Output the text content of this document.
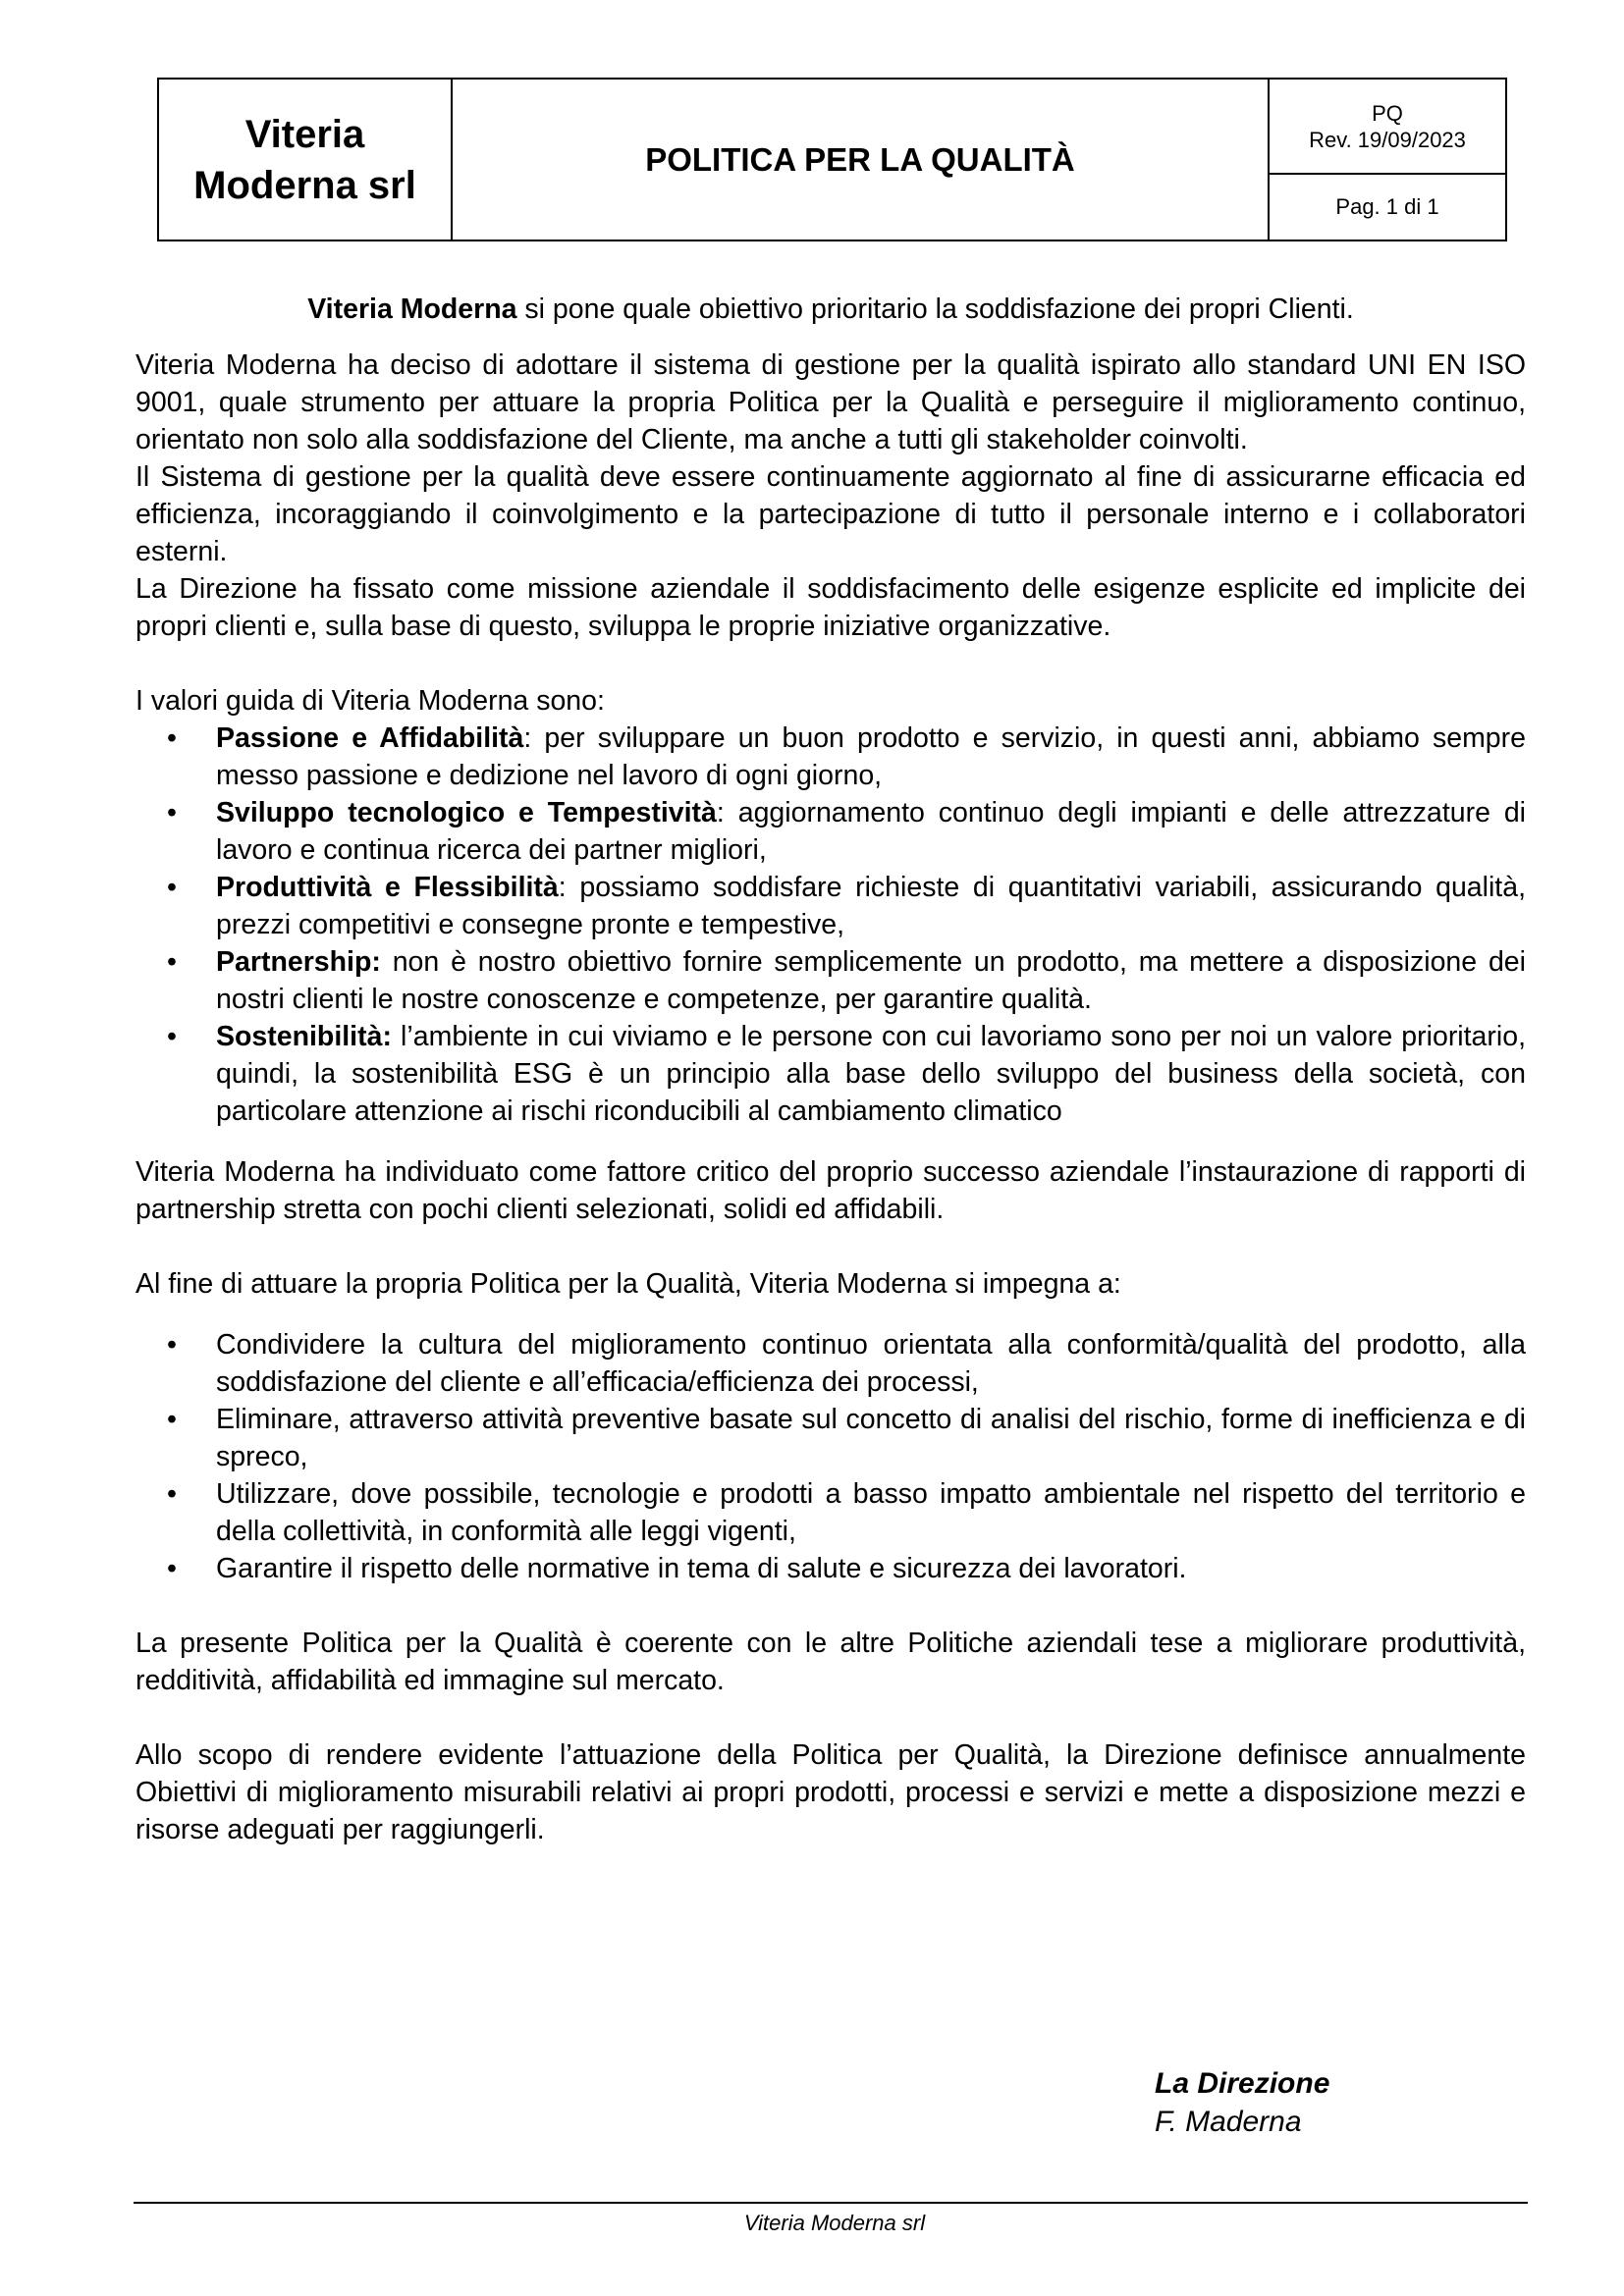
Viteria
Moderna srl
POLITICA PER LA QUALITÀ
PQ
Rev. 19/09/2023
Pag. 1 di 1

Viteria Moderna si pone quale obiettivo prioritario la soddisfazione dei propri Clienti.

Viteria Moderna ha deciso di adottare il sistema di gestione per la qualità ispirato allo standard UNI EN ISO 9001, quale strumento per attuare la propria Politica per la Qualità e perseguire il miglioramento continuo, orientato non solo alla soddisfazione del Cliente, ma anche a tutti gli stakeholder coinvolti.

Il Sistema di gestione per la qualità deve essere continuamente aggiornato al fine di assicurarne efficacia ed efficienza, incoraggiando il coinvolgimento e la partecipazione di tutto il personale interno e i collaboratori esterni.

La Direzione ha fissato come missione aziendale il soddisfacimento delle esigenze esplicite ed implicite dei propri clienti e, sulla base di questo, sviluppa le proprie iniziative organizzative.

I valori guida di Viteria Moderna sono:

• Passione e Affidabilità: per sviluppare un buon prodotto e servizio, in questi anni, abbiamo sempre messo passione e dedizione nel lavoro di ogni giorno,
• Sviluppo tecnologico e Tempestività: aggiornamento continuo degli impianti e delle attrezzature di lavoro e continua ricerca dei partner migliori,
• Produttività e Flessibilità: possiamo soddisfare richieste di quantitativi variabili, assicurando qualità, prezzi competitivi e consegne pronte e tempestive,
• Partnership: non è nostro obiettivo fornire semplicemente un prodotto, ma mettere a disposizione dei nostri clienti le nostre conoscenze e competenze, per garantire qualità.
• Sostenibilità: l’ambiente in cui viviamo e le persone con cui lavoriamo sono per noi un valore prioritario, quindi, la sostenibilità ESG è un principio alla base dello sviluppo del business della società, con particolare attenzione ai rischi riconducibili al cambiamento climatico

Viteria Moderna ha individuato come fattore critico del proprio successo aziendale l’instaurazione di rapporti di partnership stretta con pochi clienti selezionati, solidi ed affidabili.

Al fine di attuare la propria Politica per la Qualità, Viteria Moderna si impegna a:

• Condividere la cultura del miglioramento continuo orientata alla conformità/qualità del prodotto, alla soddisfazione del cliente e all’efficacia/efficienza dei processi,
• Eliminare, attraverso attività preventive basate sul concetto di analisi del rischio, forme di inefficienza e di spreco,
• Utilizzare, dove possibile, tecnologie e prodotti a basso impatto ambientale nel rispetto del territorio e della collettività, in conformità alle leggi vigenti,
• Garantire il rispetto delle normative in tema di salute e sicurezza dei lavoratori.

La presente Politica per la Qualità è coerente con le altre Politiche aziendali tese a migliorare produttività, redditività, affidabilità ed immagine sul mercato.

Allo scopo di rendere evidente l’attuazione della Politica per Qualità, la Direzione definisce annualmente Obiettivi di miglioramento misurabili relativi ai propri prodotti, processi e servizi e mette a disposizione mezzi e risorse adeguati per raggiungerli.

La Direzione
F. Maderna
Viteria Moderna srl
